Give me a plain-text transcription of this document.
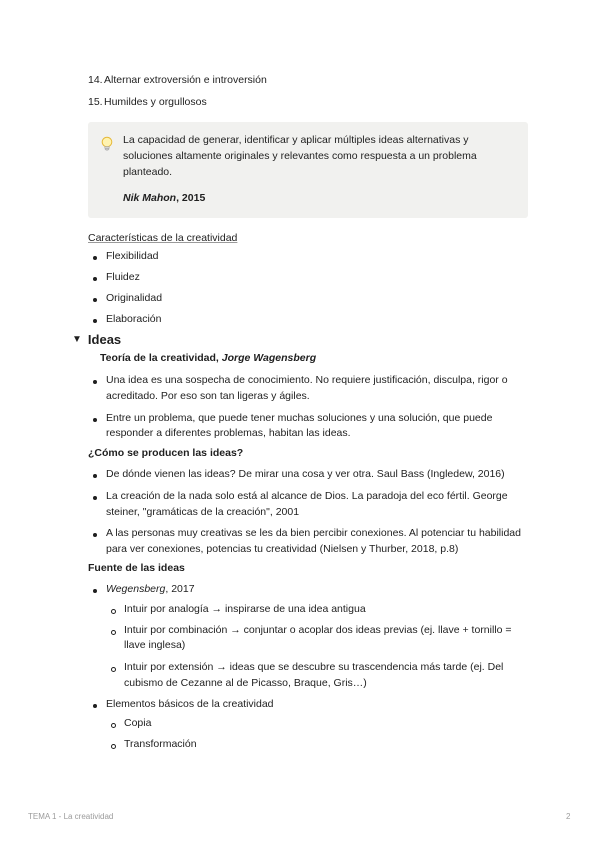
14. Alternar extroversión e introversión
15. Humildes y orgullosos

La capacidad de generar, identificar y aplicar múltiples ideas alternativas y soluciones altamente originales y relevantes como respuesta a un problema planteado.

Nik Mahon, 2015

Características de la creatividad
Flexibilidad
Fluidez
Originalidad
Elaboración
▼ Ideas
Teoría de la creatividad, Jorge Wagensberg
Una idea es una sospecha de conocimiento. No requiere justificación, disculpa, rigor o acreditado. Por eso son tan ligeras y ágiles.
Entre un problema, que puede tener muchas soluciones y una solución, que puede responder a diferentes problemas, habitan las ideas.
¿Cómo se producen las ideas?
De dónde vienen las ideas? De mirar una cosa y ver otra. Saul Bass (Ingledew, 2016)
La creación de la nada solo está al alcance de Dios. La paradoja del eco fértil. George steiner, "gramáticas de la creación", 2001
A las personas muy creativas se les da bien percibir conexiones. Al potenciar tu habilidad para ver conexiones, potencias tu creatividad (Nielsen y Thurber, 2018, p.8)
Fuente de las ideas
Wegensberg, 2017
Intuir por analogía → inspirarse de una idea antigua
Intuir por combinación → conjuntar o acoplar dos ideas previas (ej. llave + tornillo = llave inglesa)
Intuir por extensión → ideas que se descubre su trascendencia más tarde (ej. Del cubismo de Cezanne al de Picasso, Braque, Gris…)
Elementos básicos de la creatividad
Copia
Transformación
TEMA 1 - La creatividad	2
